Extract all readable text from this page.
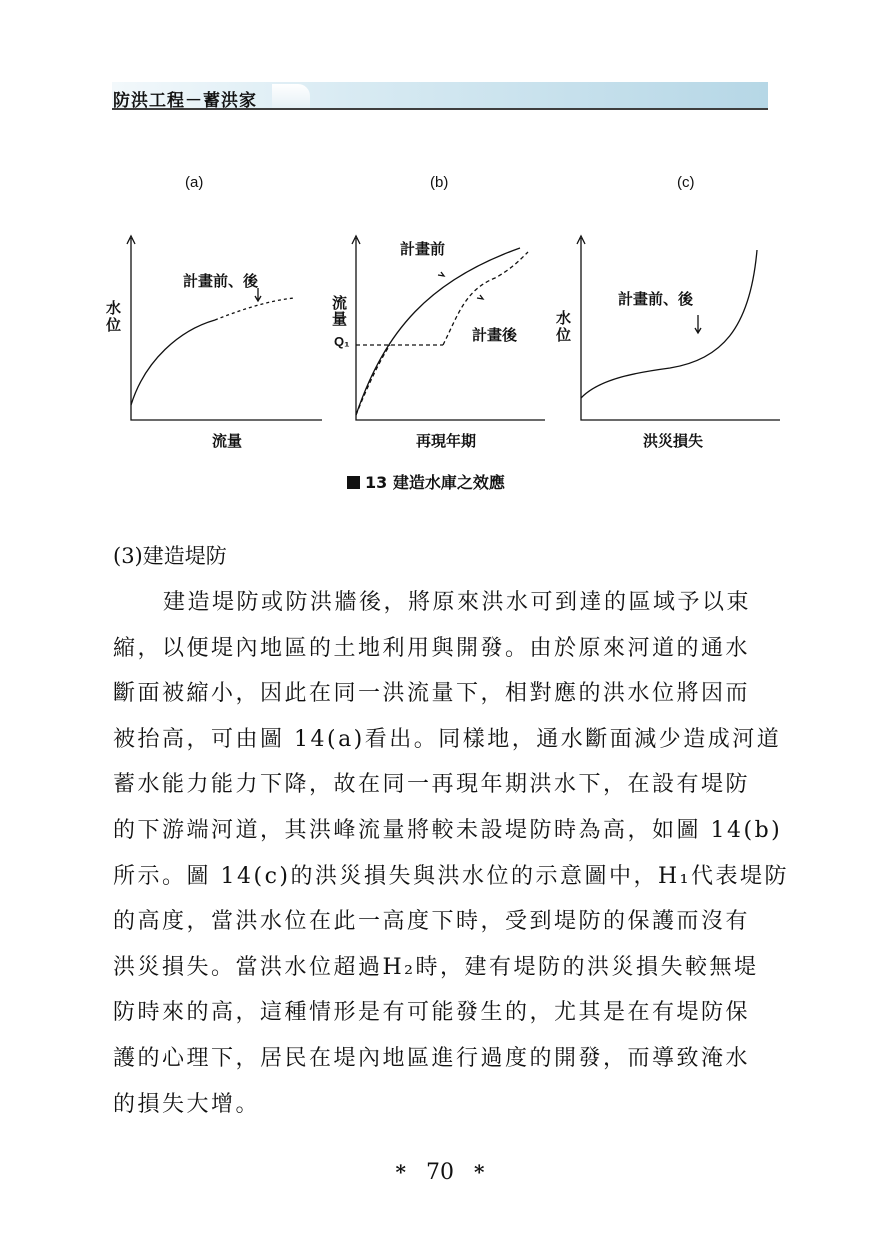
防洪工程－蓄洪家
(a)	(b)	(c)
水
位
流量
計畫前、後
流
量
Q₁
再現年期
計畫前
計畫後
水
位
洪災損失
計畫前、後
13 建造水庫之效應
(3)建造堤防
建造堤防或防洪牆後，將原來洪水可到達的區域予以束
縮，以便堤內地區的土地利用與開發。由於原來河道的通水
斷面被縮小，因此在同一洪流量下，相對應的洪水位將因而
被抬高，可由圖 14(a)看出。同樣地，通水斷面減少造成河道
蓄水能力能力下降，故在同一再現年期洪水下，在設有堤防
的下游端河道，其洪峰流量將較未設堤防時為高，如圖 14(b)
所示。圖 14(c)的洪災損失與洪水位的示意圖中，H₁代表堤防
的高度，當洪水位在此一高度下時，受到堤防的保護而沒有
洪災損失。當洪水位超過H₂時，建有堤防的洪災損失較無堤
防時來的高，這種情形是有可能發生的，尤其是在有堤防保
護的心理下，居民在堤內地區進行過度的開發，而導致淹水
的損失大增。
* 70 *
